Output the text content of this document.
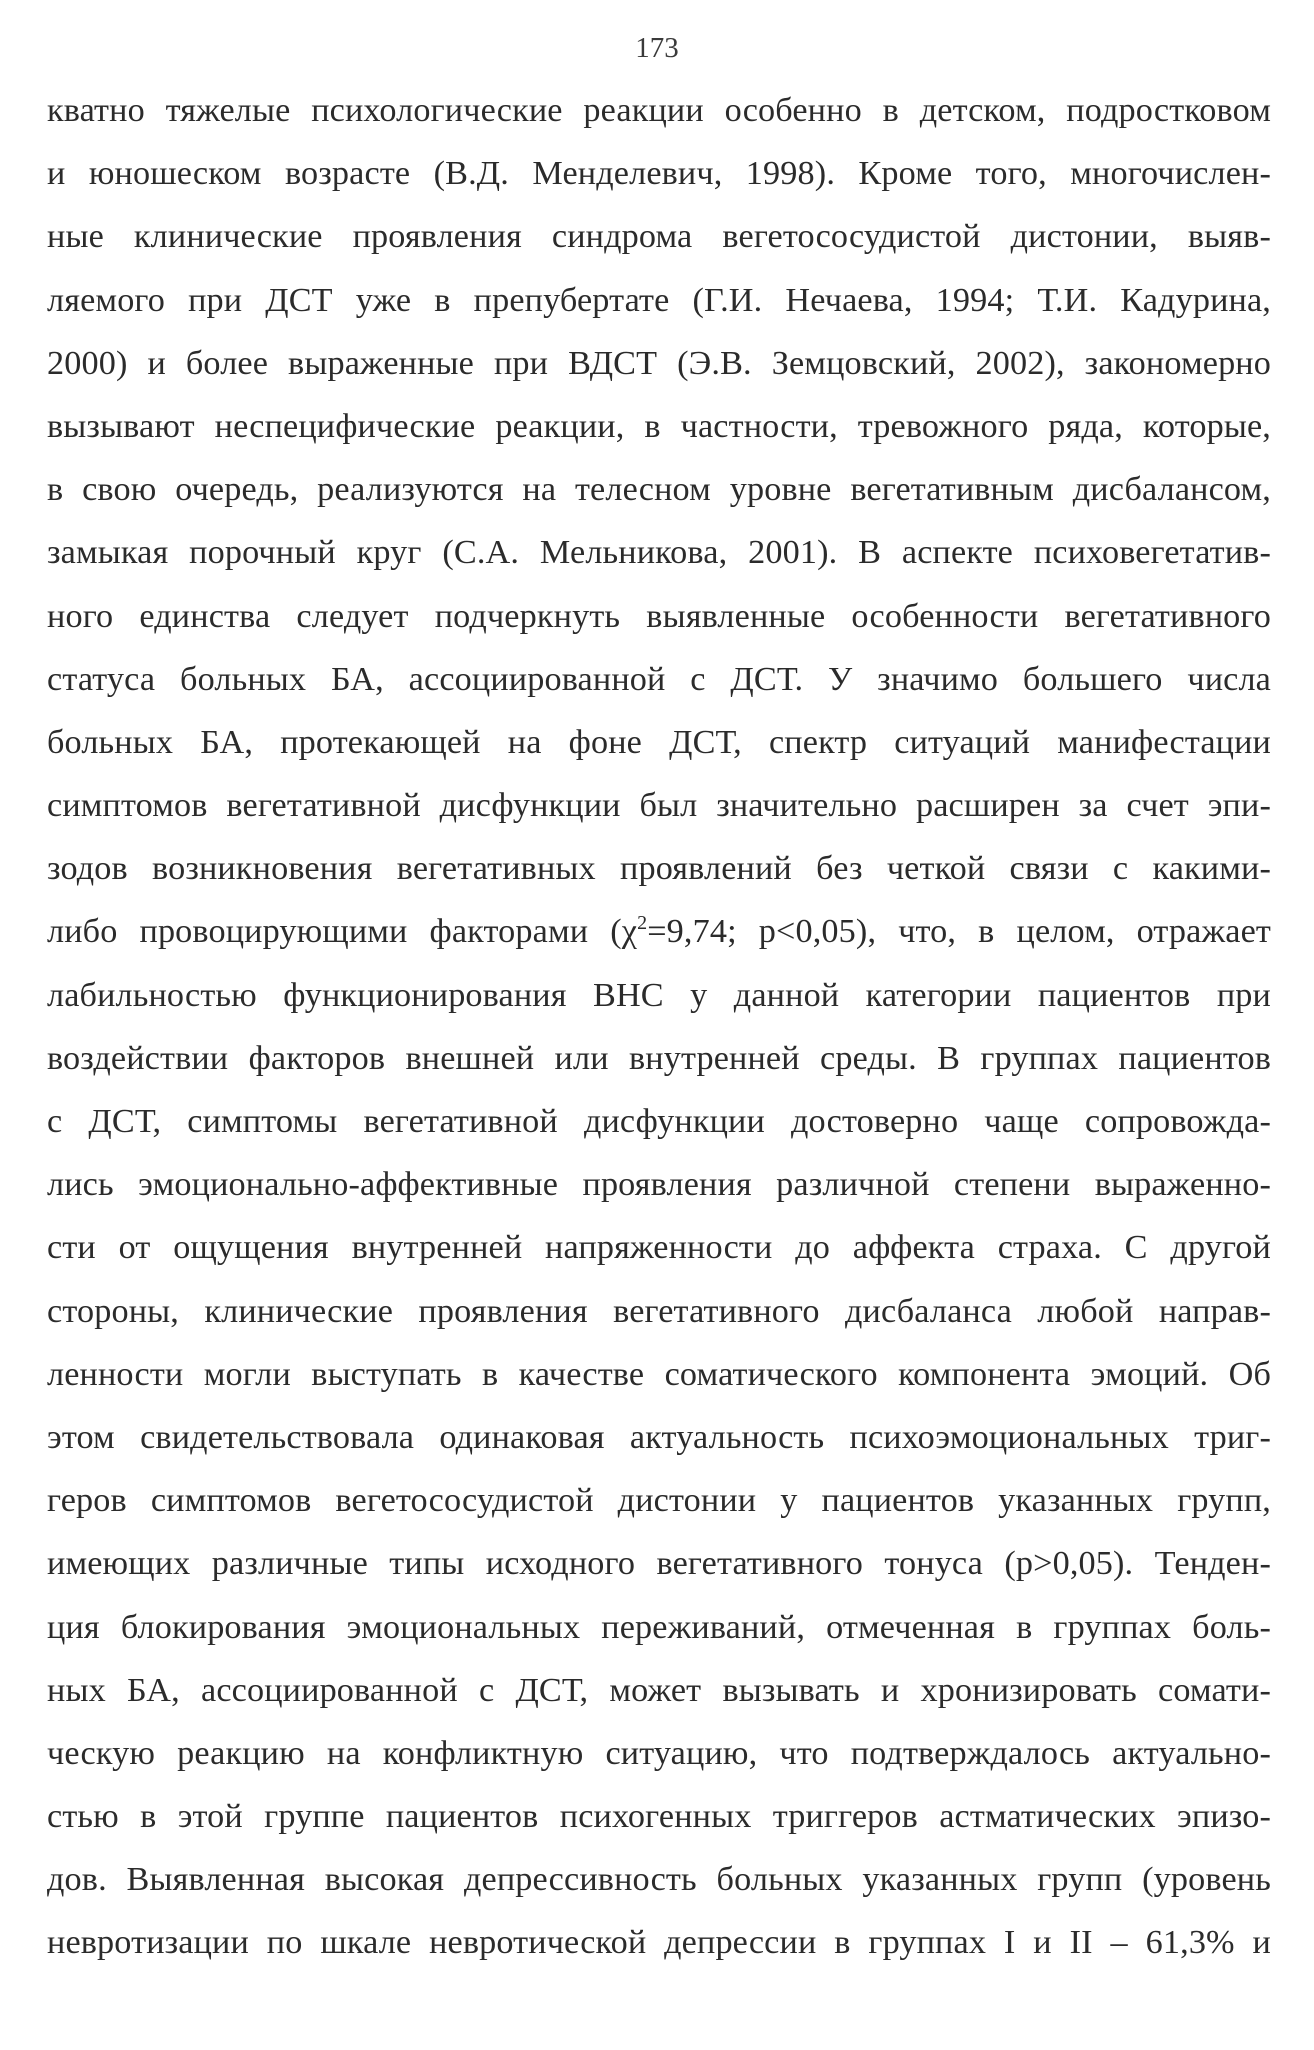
173
кватно тяжелые психологические реакции особенно в детском, подростковом
и юношеском возрасте (В.Д. Менделевич, 1998). Кроме того, многочислен-
ные клинические проявления синдрома вегетососудистой дистонии, выяв-
ляемого при ДСТ уже в препубертате (Г.И. Нечаева, 1994; Т.И. Кадурина,
2000) и более выраженные при ВДСТ (Э.В. Земцовский, 2002), закономерно
вызывают неспецифические реакции, в частности, тревожного ряда, которые,
в свою очередь, реализуются на телесном уровне вегетативным дисбалансом,
замыкая порочный круг (С.А. Мельникова, 2001). В аспекте психовегетатив-
ного единства следует подчеркнуть выявленные особенности вегетативного
статуса больных БА, ассоциированной с ДСТ. У значимо большего числа
больных БА, протекающей на фоне ДСТ, спектр ситуаций манифестации
симптомов вегетативной дисфункции был значительно расширен за счет эпи-
зодов возникновения вегетативных проявлений без четкой связи с какими-
либо провоцирующими факторами ($\chi^2=9,74$; р<0,05), что, в целом, отражает
лабильностью функционирования ВНС у данной категории пациентов при
воздействии факторов внешней или внутренней среды. В группах пациентов
с ДСТ, симптомы вегетативной дисфункции достоверно чаще сопровожда-
лись эмоционально-аффективные проявления различной степени выраженно-
сти от ощущения внутренней напряженности до аффекта страха. С другой
стороны, клинические проявления вегетативного дисбаланса любой направ-
ленности могли выступать в качестве соматического компонента эмоций. Об
этом свидетельствовала одинаковая актуальность психоэмоциональных триг-
геров симптомов вегетососудистой дистонии у пациентов указанных групп,
имеющих различные типы исходного вегетативного тонуса (р>0,05). Тенден-
ция блокирования эмоциональных переживаний, отмеченная в группах боль-
ных БА, ассоциированной с ДСТ, может вызывать и хронизировать сомати-
ческую реакцию на конфликтную ситуацию, что подтверждалось актуально-
стью в этой группе пациентов психогенных триггеров астматических эпизо-
дов. Выявленная высокая депрессивность больных указанных групп (уровень
невротизации по шкале невротической депрессии в группах I и II – 61,3% и
